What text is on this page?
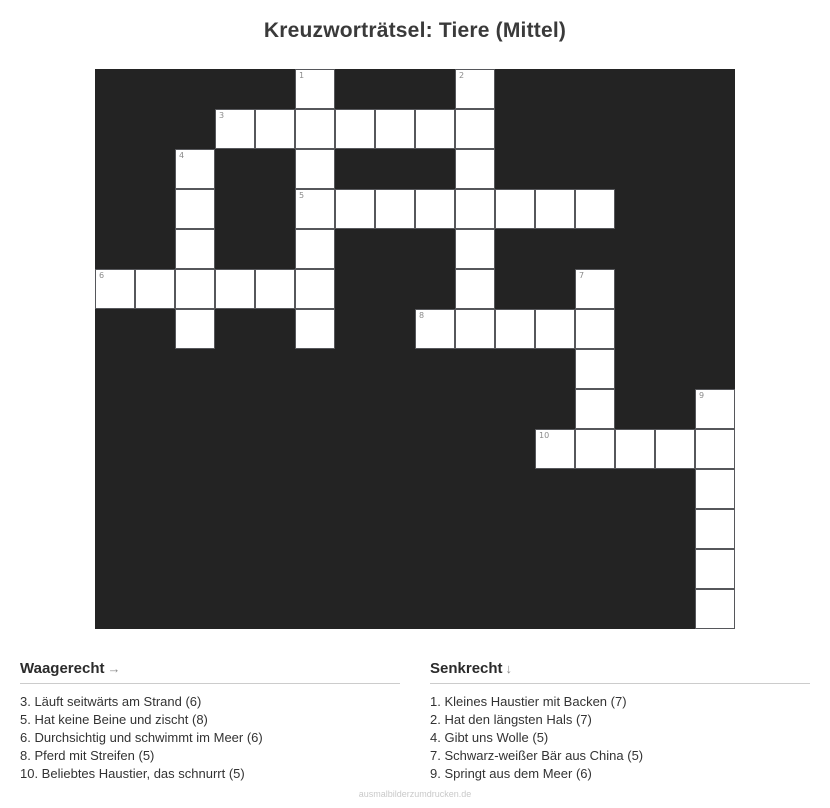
Kreuzworträtsel: Tiere (Mittel)
1	2
3
4
5
6	7
8
9
10
Waagerecht →
3. Läuft seitwärts am Strand (6)
5. Hat keine Beine und zischt (8)
6. Durchsichtig und schwimmt im Meer (6)
8. Pferd mit Streifen (5)
10. Beliebtes Haustier, das schnurrt (5)
Senkrecht ↓
1. Kleines Haustier mit Backen (7)
2. Hat den längsten Hals (7)
4. Gibt uns Wolle (5)
7. Schwarz-weißer Bär aus China (5)
9. Springt aus dem Meer (6)
ausmalbilderzumdrucken.de
